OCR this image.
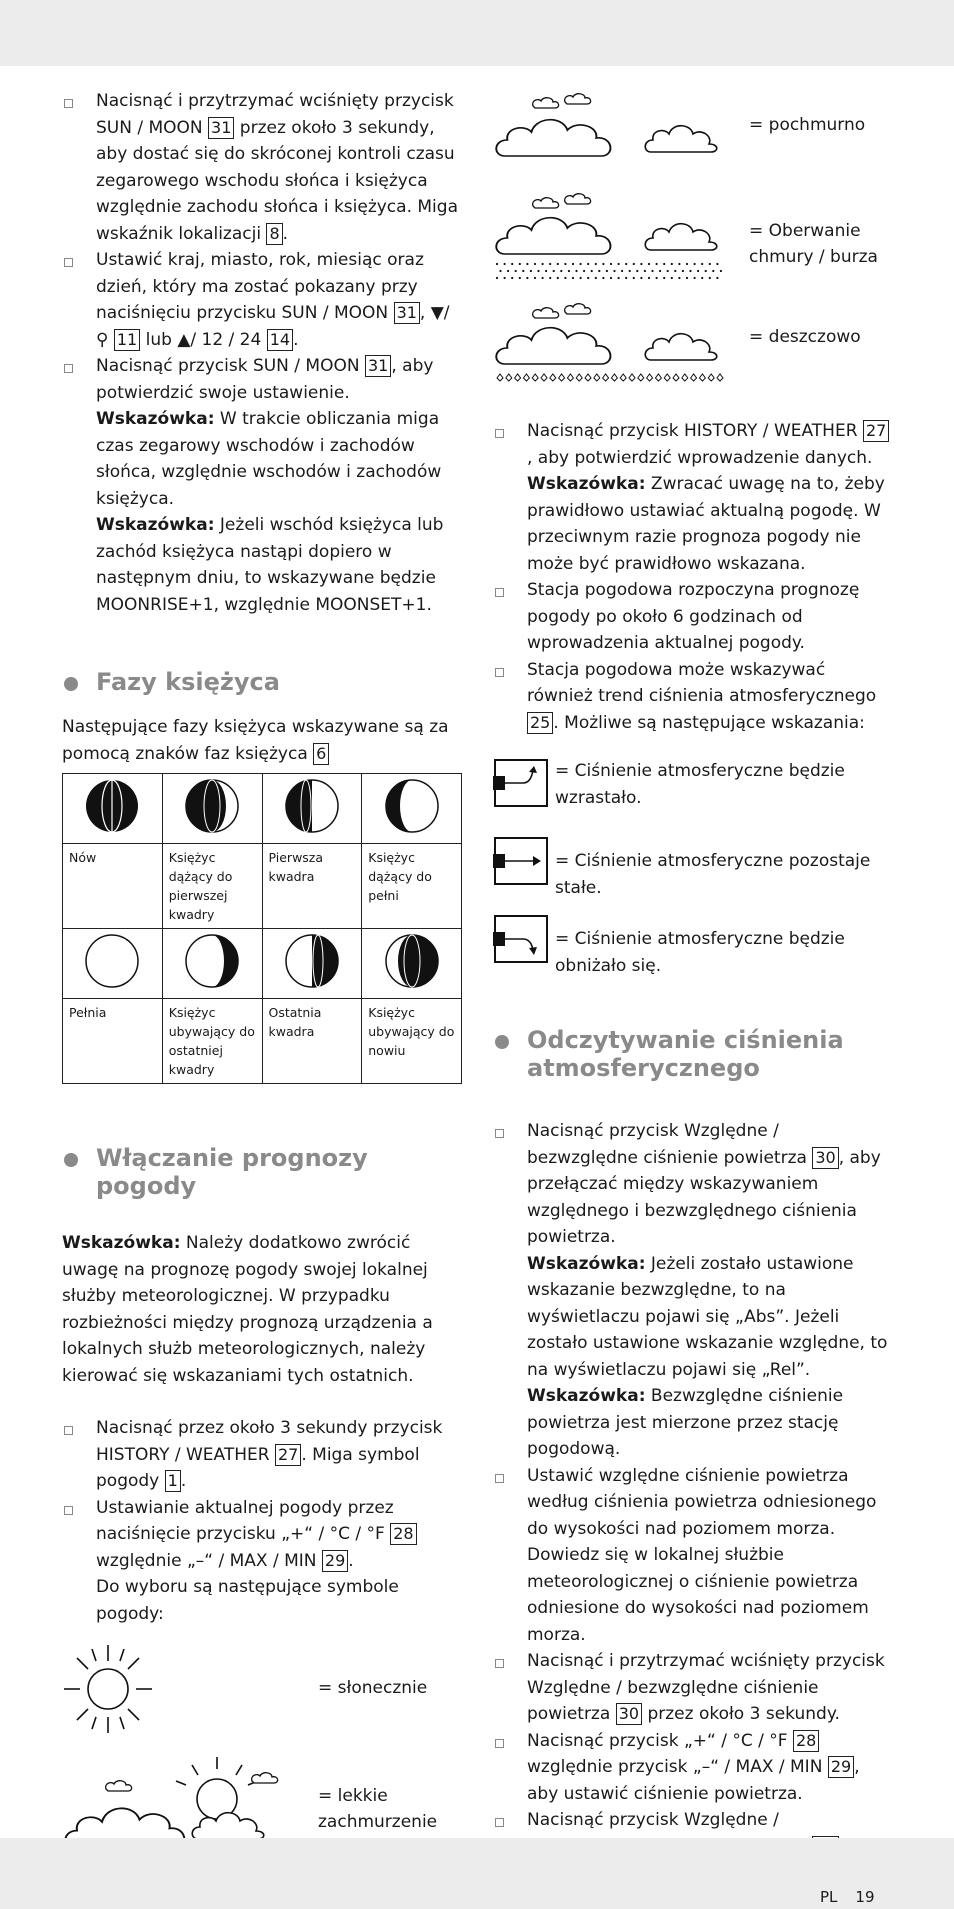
Nacisnąć i przytrzymać wciśnięty przycisk SUN / MOON 31 przez około 3 sekundy, aby dostać się do skróconej kontroli czasu zegarowego wschodu słońca i księżyca względnie zachodu słońca i księżyca. Miga wskaźnik lokalizacji 8 .
Ustawić kraj, miasto, rok, miesiąc oraz dzień, który ma zostać pokazany przy naciśnięciu przycisku SUN / MOON 31 , ▼/ ⚲ 11 lub ▲/ 12 / 24 14 .
Nacisnąć przycisk SUN / MOON 31 , aby potwierdzić swoje ustawienie.
Wskazówka: W trakcie obliczania miga czas zegarowy wschodów i zachodów słońca, względnie wschodów i zachodów księżyca.
Wskazówka: Jeżeli wschód księżyca lub zachód księżyca nastąpi dopiero w następnym dniu, to wskazywane będzie MOONRISE+1, względnie MOONSET+1.
Fazy księżyca

Następujące fazy księżyca wskazywane są za pomocą znaków faz księżyca 6

Nów	Księżyc dążący do pierwszej kwadry	Pierwsza kwadra	Księżyc dążący do pełni

Pełnia	Księżyc ubywający do ostatniej kwadry	Ostatnia kwadra	Księżyc ubywający do nowiu
Włączanie prognozy pogody

Wskazówka: Należy dodatkowo zwrócić uwagę na prognozę pogody swojej lokalnej służby meteorologicznej. W przypadku rozbieżności między prognozą urządzenia a lokalnych służb meteorologicznych, należy kierować się wskazaniami tych ostatnich.

Nacisnąć przez około 3 sekundy przycisk HISTORY / WEATHER 27 . Miga symbol pogody 1 .
Ustawianie aktualnej pogody przez naciśnięcie przycisku „+“ / °C / °F 28 względnie „–“ / MAX / MIN 29 .
Do wyboru są następujące symbole pogody:
= słonecznie
= lekkie zachmurzenie
= pochmurno
= Oberwanie chmury / burza
= deszczowo
Nacisnąć przycisk HISTORY / WEATHER 27, aby potwierdzić wprowadzenie danych.
Wskazówka: Zwracać uwagę na to, żeby prawidłowo ustawiać aktualną pogodę. W przeciwnym razie prognoza pogody nie może być prawidłowo wskazana.
Stacja pogodowa rozpoczyna prognozę pogody po około 6 godzinach od wprowadzenia aktualnej pogody.
Stacja pogodowa może wskazywać również trend ciśnienia atmosferycznego 25 . Możliwe są następujące wskazania:
= Ciśnienie atmosferyczne będzie wzrastało.
= Ciśnienie atmosferyczne pozostaje stałe.
= Ciśnienie atmosferyczne będzie obniżało się.
Odczytywanie ciśnienia atmosferycznego
Nacisnąć przycisk Względne / bezwzględne ciśnienie powietrza 30 , aby przełączać między wskazywaniem względnego i bezwzględnego ciśnienia powietrza.
Wskazówka: Jeżeli zostało ustawione wskazanie bezwzględne, to na wyświetlaczu pojawi się „Abs”. Jeżeli zostało ustawione wskazanie względne, to na wyświetlaczu pojawi się „Rel”.
Wskazówka: Bezwzględne ciśnienie powietrza jest mierzone przez stację pogodową.
Ustawić względne ciśnienie powietrza według ciśnienia powietrza odniesionego do wysokości nad poziomem morza. Dowiedz się w lokalnej służbie meteorologicznej o ciśnienie powietrza odniesione do wysokości nad poziomem morza.
Nacisnąć i przytrzymać wciśnięty przycisk Względne / bezwzględne ciśnienie powietrza 30 przez około 3 sekundy.
Nacisnąć przycisk „+“ / °C / °F 28 względnie przycisk „–“ / MAX / MIN 29 , aby ustawić ciśnienie powietrza.
Nacisnąć przycisk Względne /
PL 19
